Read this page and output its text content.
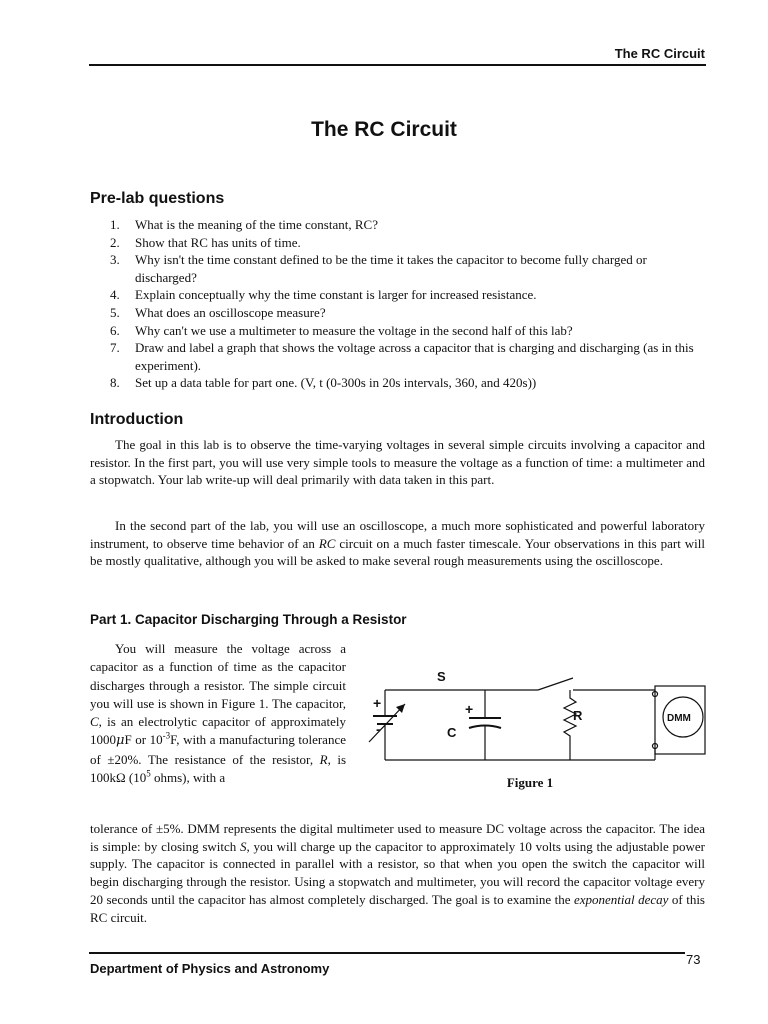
The RC Circuit
The RC Circuit
Pre-lab questions
1. What is the meaning of the time constant, RC?
2. Show that RC has units of time.
3. Why isn't the time constant defined to be the time it takes the capacitor to become fully charged or discharged?
4. Explain conceptually why the time constant is larger for increased resistance.
5. What does an oscilloscope measure?
6. Why can't we use a multimeter to measure the voltage in the second half of this lab?
7. Draw and label a graph that shows the voltage across a capacitor that is charging and discharging (as in this experiment).
8. Set up a data table for part one. (V, t (0-300s in 20s intervals, 360, and 420s))
Introduction

The goal in this lab is to observe the time-varying voltages in several simple circuits involving a capacitor and resistor. In the first part, you will use very simple tools to measure the voltage as a function of time: a multimeter and a stopwatch. Your lab write-up will deal primarily with data taken in this part.

In the second part of the lab, you will use an oscilloscope, a much more sophisticated and powerful laboratory instrument, to observe time behavior of an RC circuit on a much faster timescale. Your observations in this part will be mostly qualitative, although you will be asked to make several rough measurements using the oscilloscope.

Part 1. Capacitor Discharging Through a Resistor

You will measure the voltage across a capacitor as a function of time as the capacitor discharges through a resistor. The simple circuit you will use is shown in Figure 1. The capacitor, C, is an electrolytic capacitor of approximately 1000μF or $10^{-3}F$, with a manufacturing tolerance of ±20%. The resistance of the resistor, R, is 100kΩ ($10^5$ ohms), with a

S
C
R	DMM
+
-
+
Figure 1

tolerance of ±5%. DMM represents the digital multimeter used to measure DC voltage across the capacitor. The idea is simple: by closing switch S, you will charge up the capacitor to approximately 10 volts using the adjustable power supply. The capacitor is connected in parallel with a resistor, so that when you open the switch the capacitor will begin discharging through the resistor. Using a stopwatch and multimeter, you will record the capacitor voltage every 20 seconds until the capacitor has almost completely discharged. The goal is to examine the exponential decay of this RC circuit.

73
Department of Physics and Astronomy
